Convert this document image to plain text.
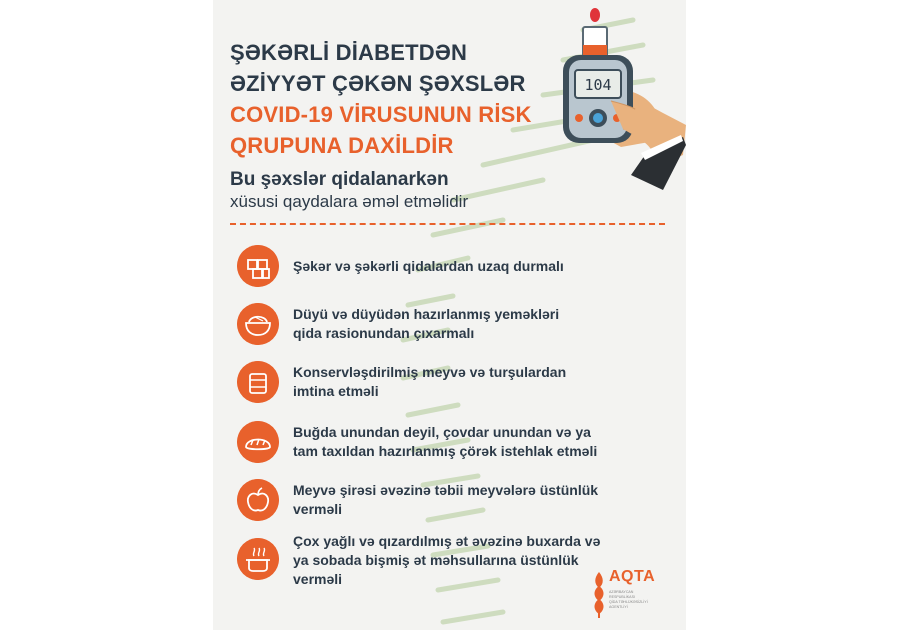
ŞƏKƏRLİ DİABETDƏN
ƏZİYYƏT ÇƏKƏN ŞƏXSLƏR
COVID-19 VİRUSUNUN RİSK
QRUPUNA DAXİLDİR
104
Bu şəxslər qidalanarkən
xüsusi qaydalara əməl etməlidir
Şəkər və şəkərli qidalardan uzaq durmalı
Düyü və düyüdən hazırlanmış yeməkləri
qida rasionundan çıxarmalı
Konservləşdirilmiş meyvə və turşulardan
imtina etməli
Buğda unundan deyil, çovdar unundan və ya
tam taxıldan hazırlanmış çörək istehlak etməli
Meyvə şirəsi əvəzinə təbii meyvələrə üstünlük
verməli
Çox yağlı və qızardılmış ət əvəzinə buxarda və
ya sobada bişmiş ət məhsullarına üstünlük
verməli	AQTA
AZƏRBAYCAN
RESPUBLİKASI
QİDA TƏHLÜKƏSİZLİYİ
AGENTLİYİ
